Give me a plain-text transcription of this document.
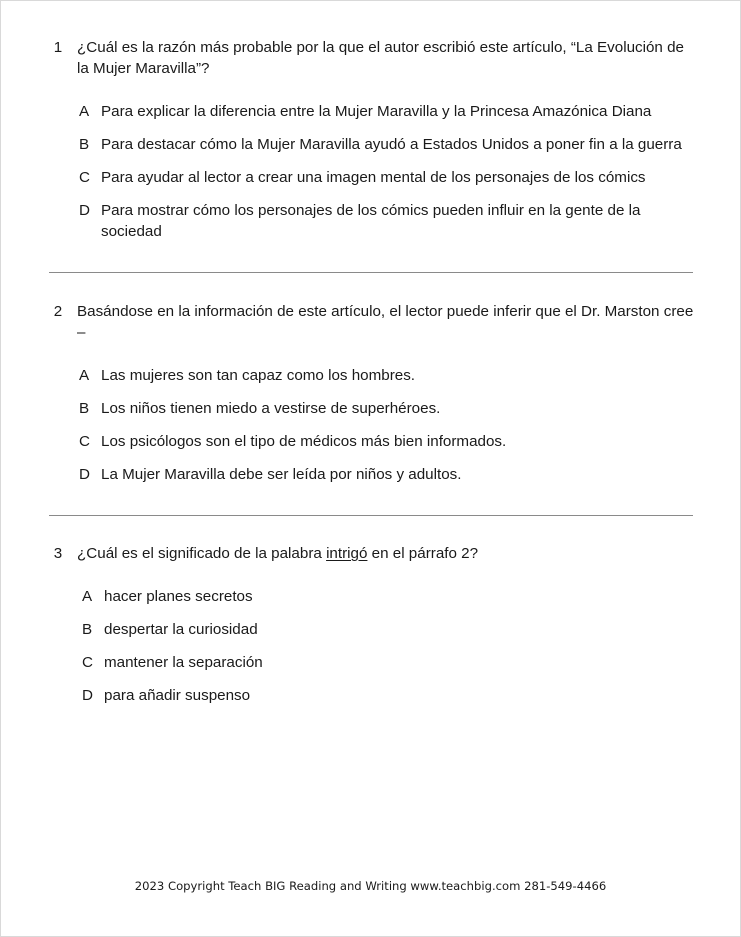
1 ¿Cuál es la razón más probable por la que el autor escribió este artículo, “La Evolución de la Mujer Maravilla”?
A Para explicar la diferencia entre la Mujer Maravilla y la Princesa Amazónica Diana
B Para destacar cómo la Mujer Maravilla ayudó a Estados Unidos a poner fin a la guerra
C Para ayudar al lector a crear una imagen mental de los personajes de los cómics
D Para mostrar cómo los personajes de los cómics pueden influir en la gente de la sociedad
2 Basándose en la información de este artículo, el lector puede inferir que el Dr. Marston cree –
A Las mujeres son tan capaz como los hombres.
B Los niños tienen miedo a vestirse de superhéroes.
C Los psicólogos son el tipo de médicos más bien informados.
D La Mujer Maravilla debe ser leída por niños y adultos.
3 ¿Cuál es el significado de la palabra intrigó en el párrafo 2?
A hacer planes secretos
B despertar la curiosidad
C mantener la separación
D para añadir suspenso
2023 Copyright Teach BIG Reading and Writing www.teachbig.com 281-549-4466
